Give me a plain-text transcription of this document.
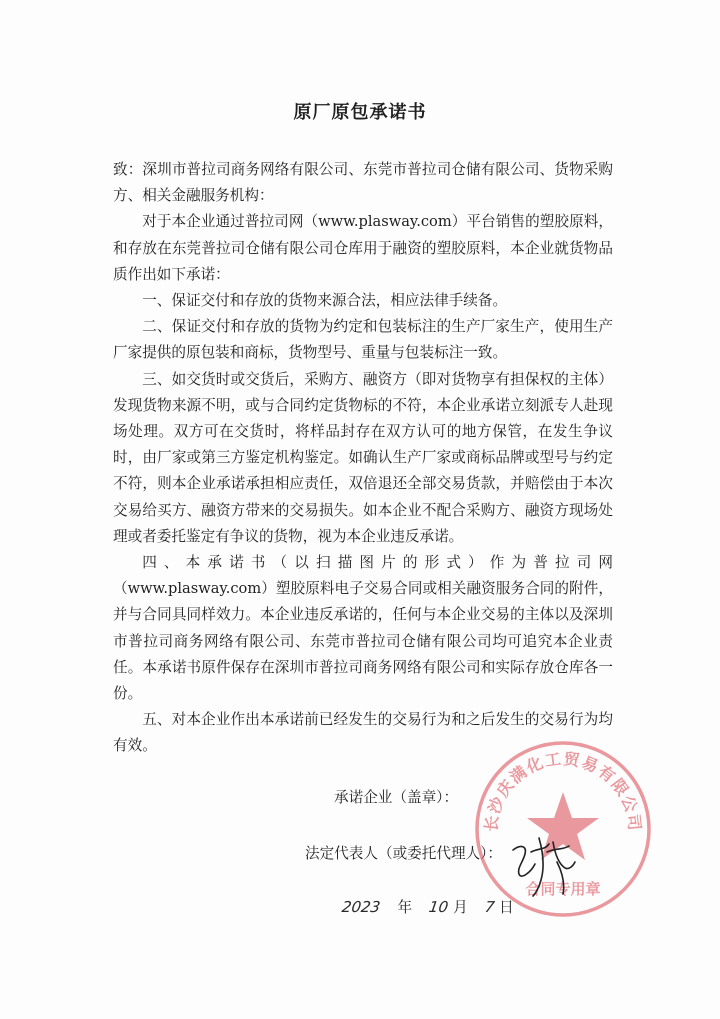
原厂原包承诺书

致：深圳市普拉司商务网络有限公司、东莞市普拉司仓储有限公司、货物采购方、相关金融服务机构：

对于本企业通过普拉司网（www.plasway.com）平台销售的塑胶原料，和存放在东莞普拉司仓储有限公司仓库用于融资的塑胶原料，本企业就货物品质作出如下承诺：

一、保证交付和存放的货物来源合法，相应法律手续备。

二、保证交付和存放的货物为约定和包装标注的生产厂家生产，使用生产厂家提供的原包装和商标，货物型号、重量与包装标注一致。

三、如交货时或交货后，采购方、融资方（即对货物享有担保权的主体）发现货物来源不明，或与合同约定货物标的不符，本企业承诺立刻派专人赴现场处理。双方可在交货时，将样品封存在双方认可的地方保管，在发生争议时，由厂家或第三方鉴定机构鉴定。如确认生产厂家或商标品牌或型号与约定不符，则本企业承诺承担相应责任，双倍退还全部交易货款，并赔偿由于本次交易给买方、融资方带来的交易损失。如本企业不配合采购方、融资方现场处理或者委托鉴定有争议的货物，视为本企业违反承诺。

四、本承诺书（以扫描图片的形式）作为普拉司网（www.plasway.com）塑胶原料电子交易合同或相关融资服务合同的附件，并与合同具同样效力。本企业违反承诺的，任何与本企业交易的主体以及深圳市普拉司商务网络有限公司、东莞市普拉司仓储有限公司均可追究本企业责任。本承诺书原件保存在深圳市普拉司商务网络有限公司和实际存放仓库各一份。

五、对本企业作出本承诺前已经发生的交易行为和之后发生的交易行为均有效。

承诺企业（盖章）：
法定代表人（或委托代理人）：
2023 年 10 月 7 日
长沙庆满化工贸易有限公司
合同专用章
